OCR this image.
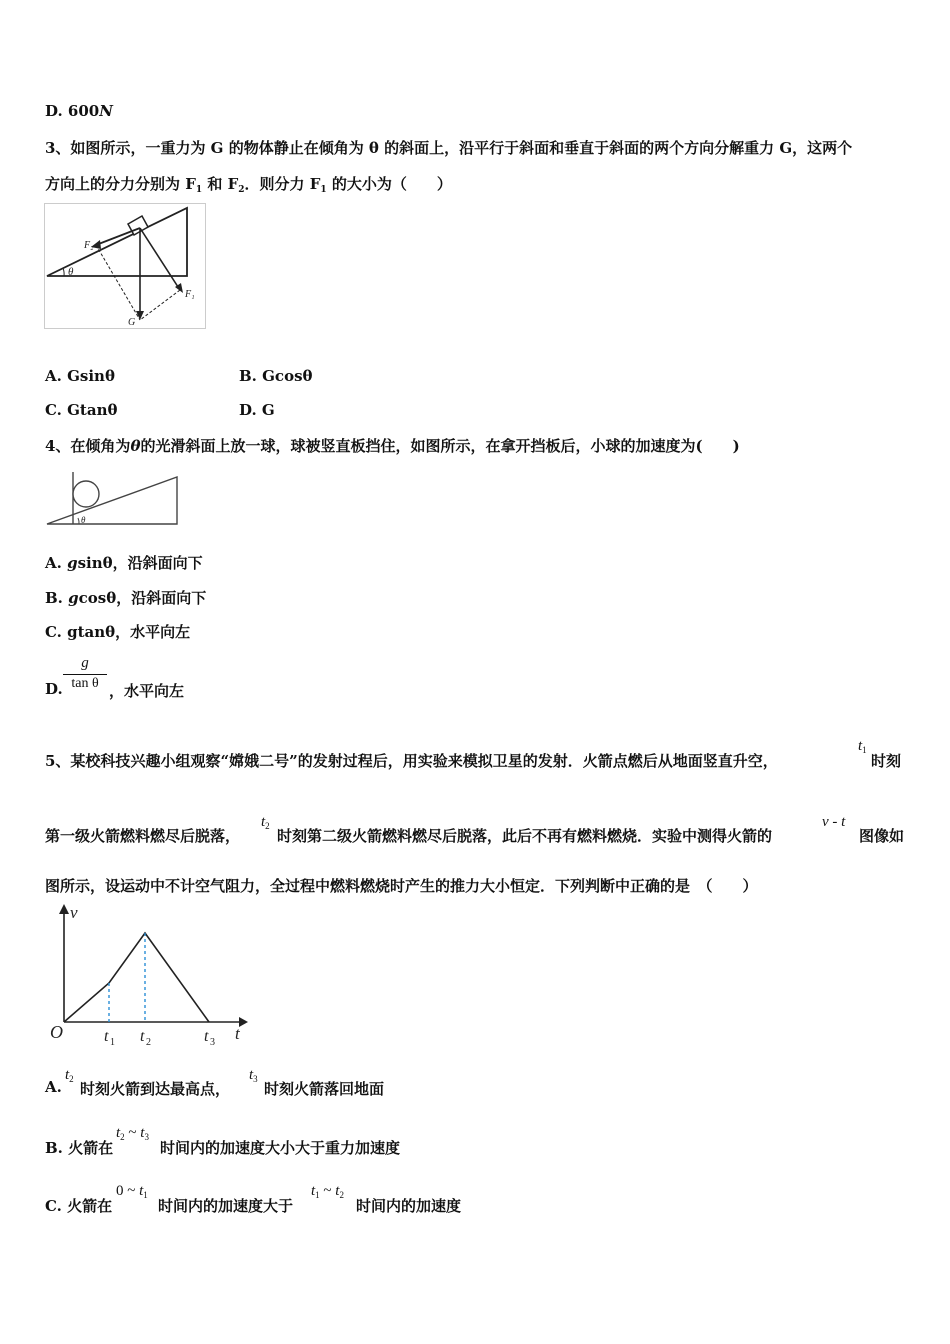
D. 600N
3、如图所示，一重力为 G 的物体静止在倾角为 θ 的斜面上，沿平行于斜面和垂直于斜面的两个方向分解重力 G，这两个
方向上的分力分别为 $F_1$ 和 $F_2$．则分力 $F_1$ 的大小为（　　）
θ
F₂
F₁
G
A. Gsinθ	B. Gcosθ
C. Gtanθ	D. G
4、在倾角为θ的光滑斜面上放一球，球被竖直板挡住，如图所示，在拿开挡板后，小球的加速度为(　　)
θ
A. gsinθ，沿斜面向下
B. gcosθ，沿斜面向下
C. gtanθ，水平向左
D. $\frac{g}{\text{tan θ}}$ ，水平向左
5、某校科技兴趣小组观察“嫦娥二号”的发射过程后，用实验来模拟卫星的发射．火箭点燃后从地面竖直升空，
$t_1$
时刻
第一级火箭燃料燃尽后脱落，
$t_2$
时刻第二级火箭燃料燃尽后脱落，此后不再有燃料燃烧．实验中测得火箭的
v - t
图像如
图所示，设运动中不计空气阻力，全过程中燃料燃烧时产生的推力大小恒定．下列判断中正确的是　（　　）
v
t
O	t 1 t 2	t 3
A.
$t_2$
时刻火箭到达最高点，
$t_3$
时刻火箭落回地面
B. 火箭在
$t_2$ ~ $t_3$
时间内的加速度大小大于重力加速度
C. 火箭在
0 ~ $t_1$
时间内的加速度大于
$t_1$ ~ $t_2$
时间内的加速度
